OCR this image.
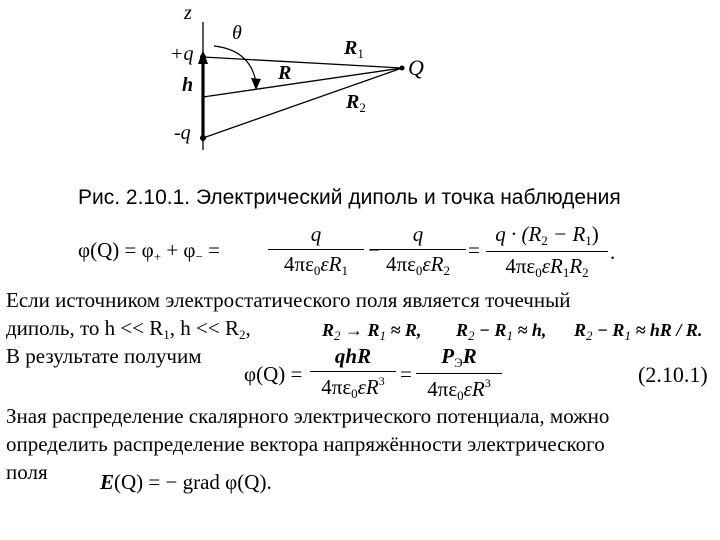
z
θ
+q
h
-q
$R_1$
R
$R_2$
Q
Рис. 2.10.1. Электрический диполь и точка наблюдения
$\varphi(Q) = \varphi_+ + \varphi_-$ =
q
$4\pi\varepsilon_0\varepsilon R_1$
−
q
$4\pi\varepsilon_0\varepsilon R_2$
=
$q \cdot (R_2 - R_1)$
$4\pi\varepsilon_0\varepsilon R_1R_2$
.
Если источником электростатического поля является точечный
диполь, то $h << R_1$, $h << R_2$,	$R_2 \to R_1 \approx R$, $R_2 - R_1 \approx h$, $R_2 - R_1$ ≈ hR / R.
В результате получим
φ(Q) =
qhR
$4\pi\varepsilon_0\varepsilon R^3$ =
$P_ЭR$
$4\pi\varepsilon_0\varepsilon R^3$	(2.10.1)
Зная распределение скалярного электрического потенциала, можно
определить распределение вектора напряжённости электрического
поля E(Q) = − grad φ(Q).
